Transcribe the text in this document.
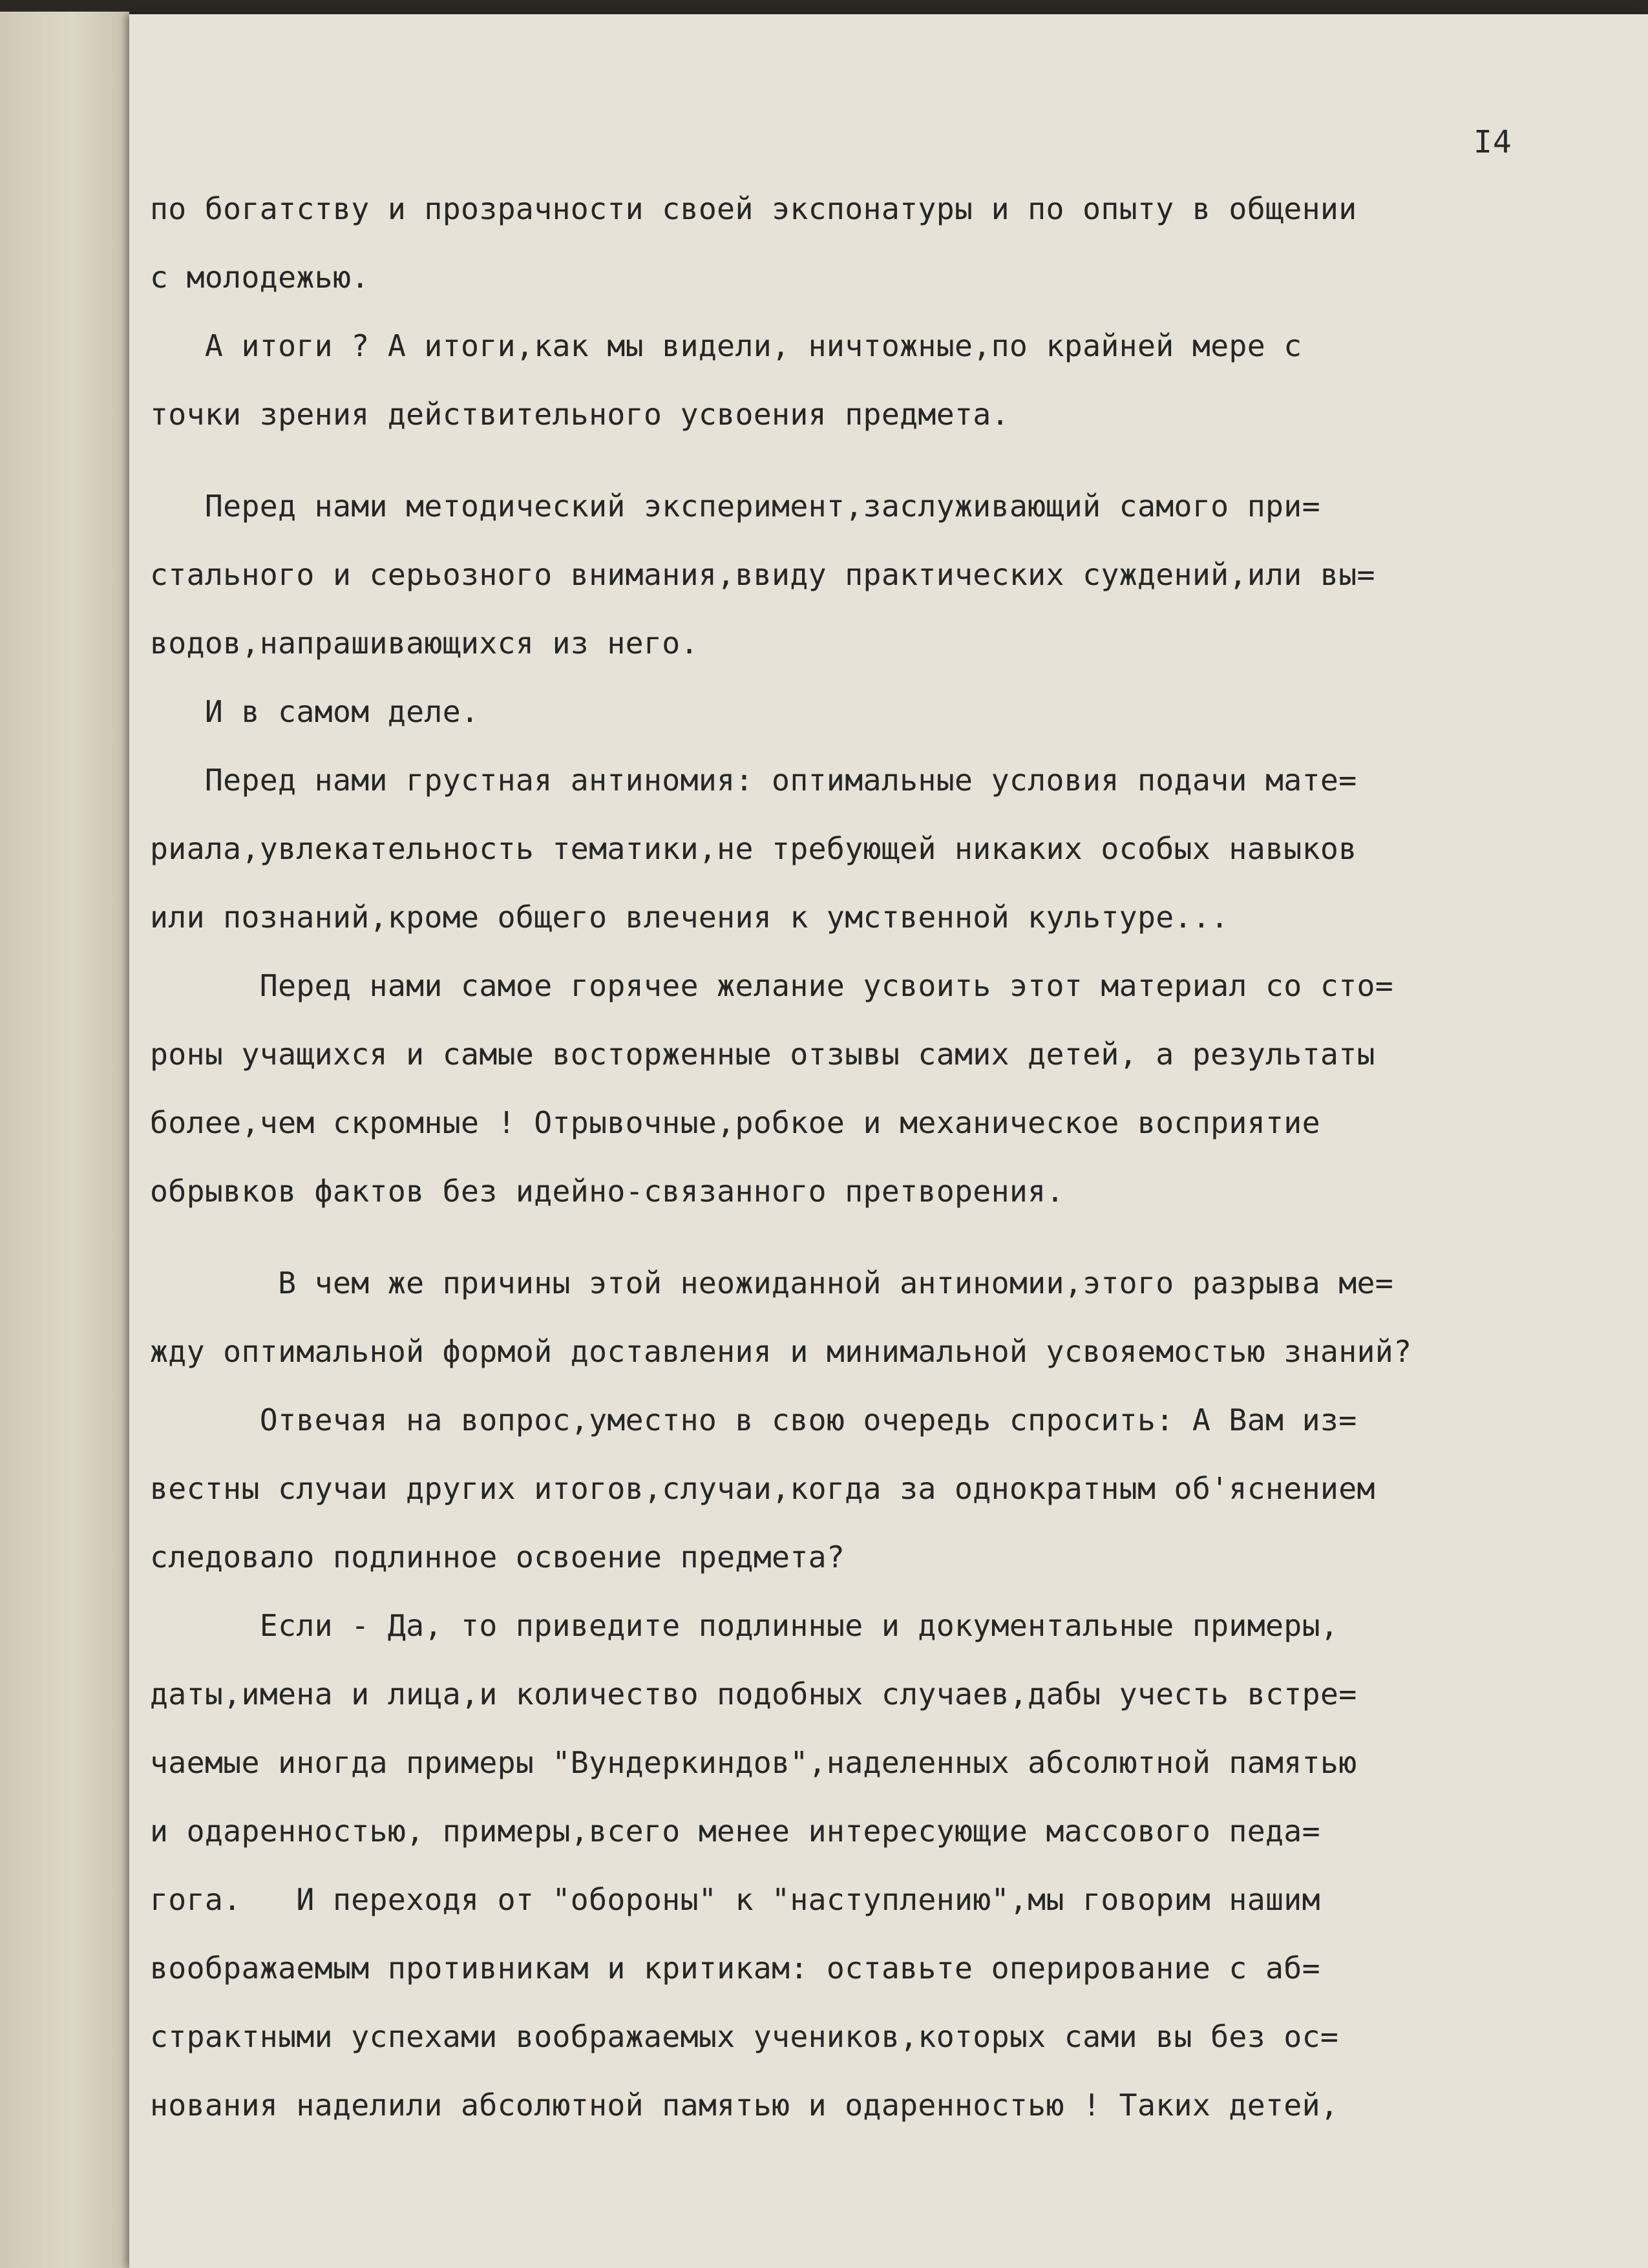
I4
по богатству и прозрачности своей экспонатуры и по опыту в общении
с молодежью.
А итоги ? А итоги,как мы видели, ничтожные,по крайней мере с
точки зрения действительного усвоения предмета.
Перед нами методический эксперимент,заслуживающий самого при=
стального и серьозного внимания,ввиду практических суждений,или вы=
водов,напрашивающихся из него.
И в самом деле.
Перед нами грустная антиномия: оптимальные условия подачи мате=
риала,увлекательность тематики,не требующей никаких особых навыков
или познаний,кроме общего влечения к умственной культуре...
Перед нами самое горячее желание усвоить этот материал со сто=
роны учащихся и самые восторженные отзывы самих детей, а результаты
более,чем скромные ! Отрывочные,робкое и механическое восприятие
обрывков фактов без идейно-связанного претворения.
В чем же причины этой неожиданной антиномии,этого разрыва ме=
жду оптимальной формой доставления и минимальной усвояемостью знаний?
Отвечая на вопрос,уместно в свою очередь спросить: А Вам из=
вестны случаи других итогов,случаи,когда за однократным об'яснением
следовало подлинное освоение предмета?
Если - Да, то приведите подлинные и документальные примеры,
даты,имена и лица,и количество подобных случаев,дабы учесть встре=
чаемые иногда примеры "Вундеркиндов",наделенных абсолютной памятью
и одаренностью, примеры,всего менее интересующие массового педа=
гога.   И переходя от "обороны" к "наступлению",мы говорим нашим
воображаемым противникам и критикам: оставьте оперирование с аб=
страктными успехами воображаемых учеников,которых сами вы без ос=
нования наделили абсолютной памятью и одаренностью ! Таких детей,
